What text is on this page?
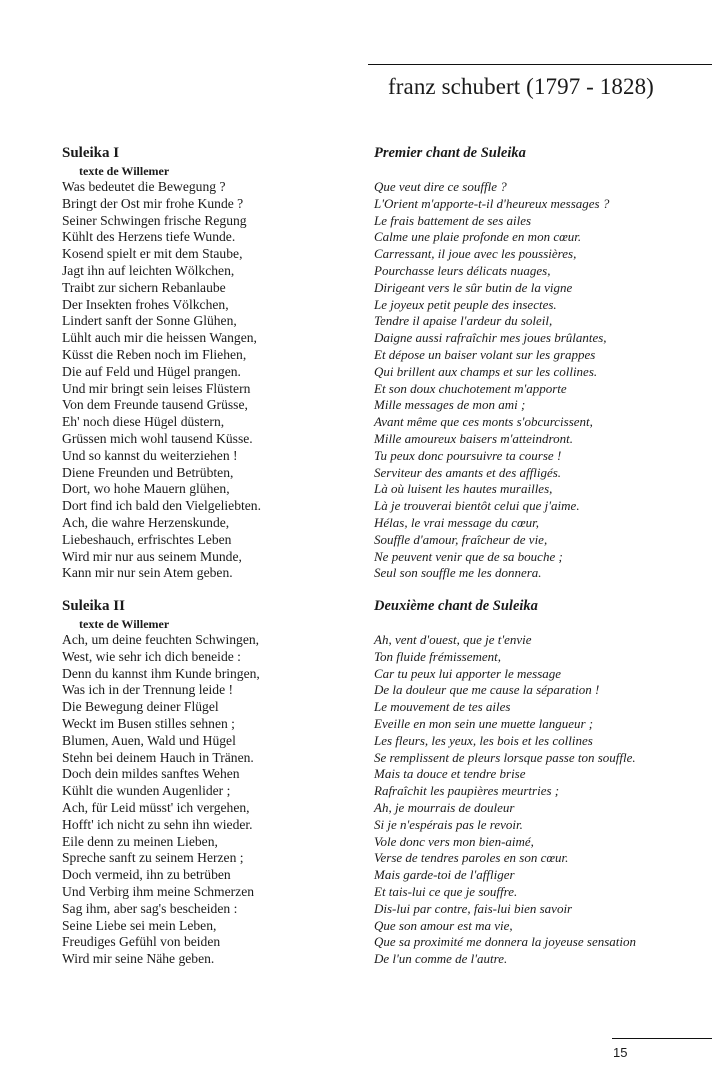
franz schubert (1797 - 1828)
Suleika I
texte de Willemer
Was bedeutet die Bewegung ?
Bringt der Ost mir frohe Kunde ?
Seiner Schwingen frische Regung
Kühlt des Herzens tiefe Wunde.
Kosend spielt er mit dem Staube,
Jagt ihn auf leichten Wölkchen,
Traibt zur sichern Rebanlaube
Der Insekten frohes Völkchen,
Lindert sanft der Sonne Glühen,
Lühlt auch mir die heissen Wangen,
Küsst die Reben noch im Fliehen,
Die auf Feld und Hügel prangen.
Und mir bringt sein leises Flüstern
Von dem Freunde tausend Grüsse,
Eh' noch diese Hügel düstern,
Grüssen mich wohl tausend Küsse.
Und so kannst du weiterziehen !
Diene Freunden und Betrübten,
Dort, wo hohe Mauern glühen,
Dort find ich bald den Vielgeliebten.
Ach, die wahre Herzenskunde,
Liebeshauch, erfrischtes Leben
Wird mir nur aus seinem Munde,
Kann mir nur sein Atem geben.
Premier chant de Suleika
Que veut dire ce souffle ?
L'Orient m'apporte-t-il d'heureux messages ?
Le frais battement de ses ailes
Calme une plaie profonde en mon cœur.
Carressant, il joue avec les poussières,
Pourchasse leurs délicats nuages,
Dirigeant vers le sûr butin de la vigne
Le joyeux petit peuple des insectes.
Tendre il apaise l'ardeur du soleil,
Daigne aussi rafraîchir mes joues brûlantes,
Et dépose un baiser volant sur les grappes
Qui brillent aux champs et sur les collines.
Et son doux chuchotement m'apporte
Mille messages de mon ami ;
Avant même que ces monts s'obcurcissent,
Mille amoureux baisers m'atteindront.
Tu peux donc poursuivre ta course !
Serviteur des amants et des affligés.
Là où luisent les hautes murailles,
Là je trouverai bientôt celui que j'aime.
Hélas, le vrai message du cœur,
Souffle d'amour, fraîcheur de vie,
Ne peuvent venir que de sa bouche ;
Seul son souffle me les donnera.
Suleika II
texte de Willemer
Ach, um deine feuchten Schwingen,
West, wie sehr ich dich beneide :
Denn du kannst ihm Kunde bringen,
Was ich in der Trennung leide !
Die Bewegung deiner Flügel
Weckt im Busen stilles sehnen ;
Blumen, Auen, Wald und Hügel
Stehn bei deinem Hauch in Tränen.
Doch dein mildes sanftes Wehen
Kühlt die wunden Augenlider ;
Ach, für Leid müsst' ich vergehen,
Hofft' ich nicht zu sehn ihn wieder.
Eile denn zu meinen Lieben,
Spreche sanft zu seinem Herzen ;
Doch vermeid, ihn zu betrüben
Und Verbirg ihm meine Schmerzen
Sag ihm, aber sag's bescheiden :
Seine Liebe sei mein Leben,
Freudiges Gefühl von beiden
Wird mir seine Nähe geben.
Deuxième chant de Suleika
Ah, vent d'ouest, que je t'envie
Ton fluide frémissement,
Car tu peux lui apporter le message
De la douleur que me cause la séparation !
Le mouvement de tes ailes
Eveille en mon sein une muette langueur ;
Les fleurs, les yeux, les bois et les collines
Se remplissent de pleurs lorsque passe ton souffle.
Mais ta douce et tendre brise
Rafraîchit les paupières meurtries ;
Ah, je mourrais de douleur
Si je n'espérais pas le revoir.
Vole donc vers mon bien-aimé,
Verse de tendres paroles en son cœur.
Mais garde-toi de l'affliger
Et tais-lui ce que je souffre.
Dis-lui par contre, fais-lui bien savoir
Que son amour est ma vie,
Que sa proximité me donnera la joyeuse sensation
De l'un comme de l'autre.
15
